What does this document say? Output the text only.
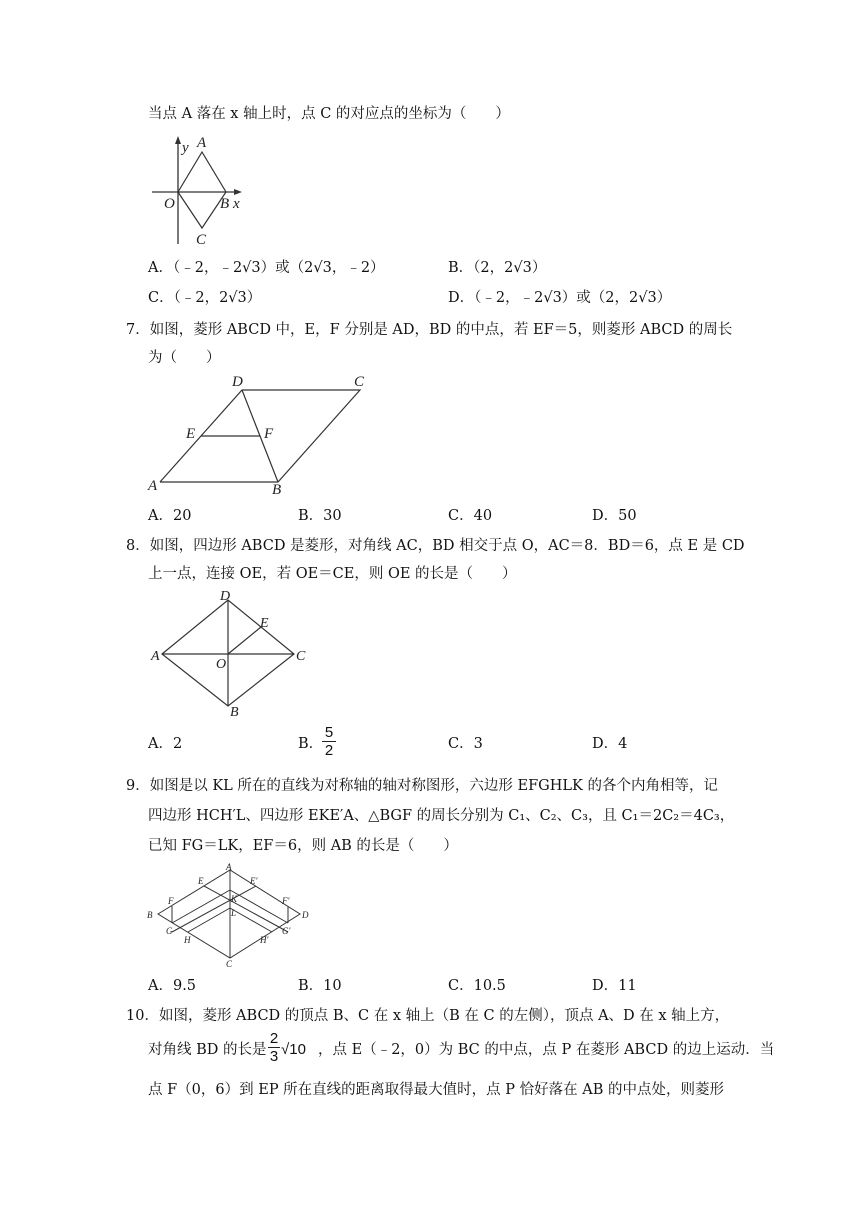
当点 A 落在 x 轴上时，点 C 的对应点的坐标为（　　）
y A
O	B x
C
A．（﹣2，﹣2√3）或（2√3，﹣2）	B．（2，2√3）
C．（﹣2，2√3）	D．（﹣2，﹣2√3）或（2，2√3）
7．如图，菱形 ABCD 中，E，F 分别是 AD，BD 的中点，若 EF＝5，则菱形 ABCD 的周长
为（　　）
D	C
E	F
A	B
A．20	B．30	C．40	D．50
8．如图，四边形 ABCD 是菱形，对角线 AC，BD 相交于点 O，AC＝8．BD＝6，点 E 是 CD
上一点，连接 OE，若 OE＝CE，则 OE 的长是（　　）
D
E
A	C
O
B
A．2	B．
5
2	C．3	D．4
9．如图是以 KL 所在的直线为对称轴的轴对称图形，六边形 EFGHLK 的各个内角相等，记
四边形 HCH′L、四边形 EKE′A、△BGF 的周长分别为 C₁、C₂、C₃，且 C₁＝2C₂＝4C₃，
已知 FG＝LK，EF＝6，则 AB 的长是（　　）
A
E	E′
K
F	F′
B	D
L
G	G′
H	H′
C
A．9.5	B．10	C．10.5	D．11
10．如图，菱形 ABCD 的顶点 B、C 在 x 轴上（B 在 C 的左侧），顶点 A、D 在 x 轴上方，
对角线 BD 的长是
2
3 √10 ，点 E（﹣2，0）为 BC 的中点，点 P 在菱形 ABCD 的边上运动．当
点 F（0，6）到 EP 所在直线的距离取得最大值时，点 P 恰好落在 AB 的中点处，则菱形
